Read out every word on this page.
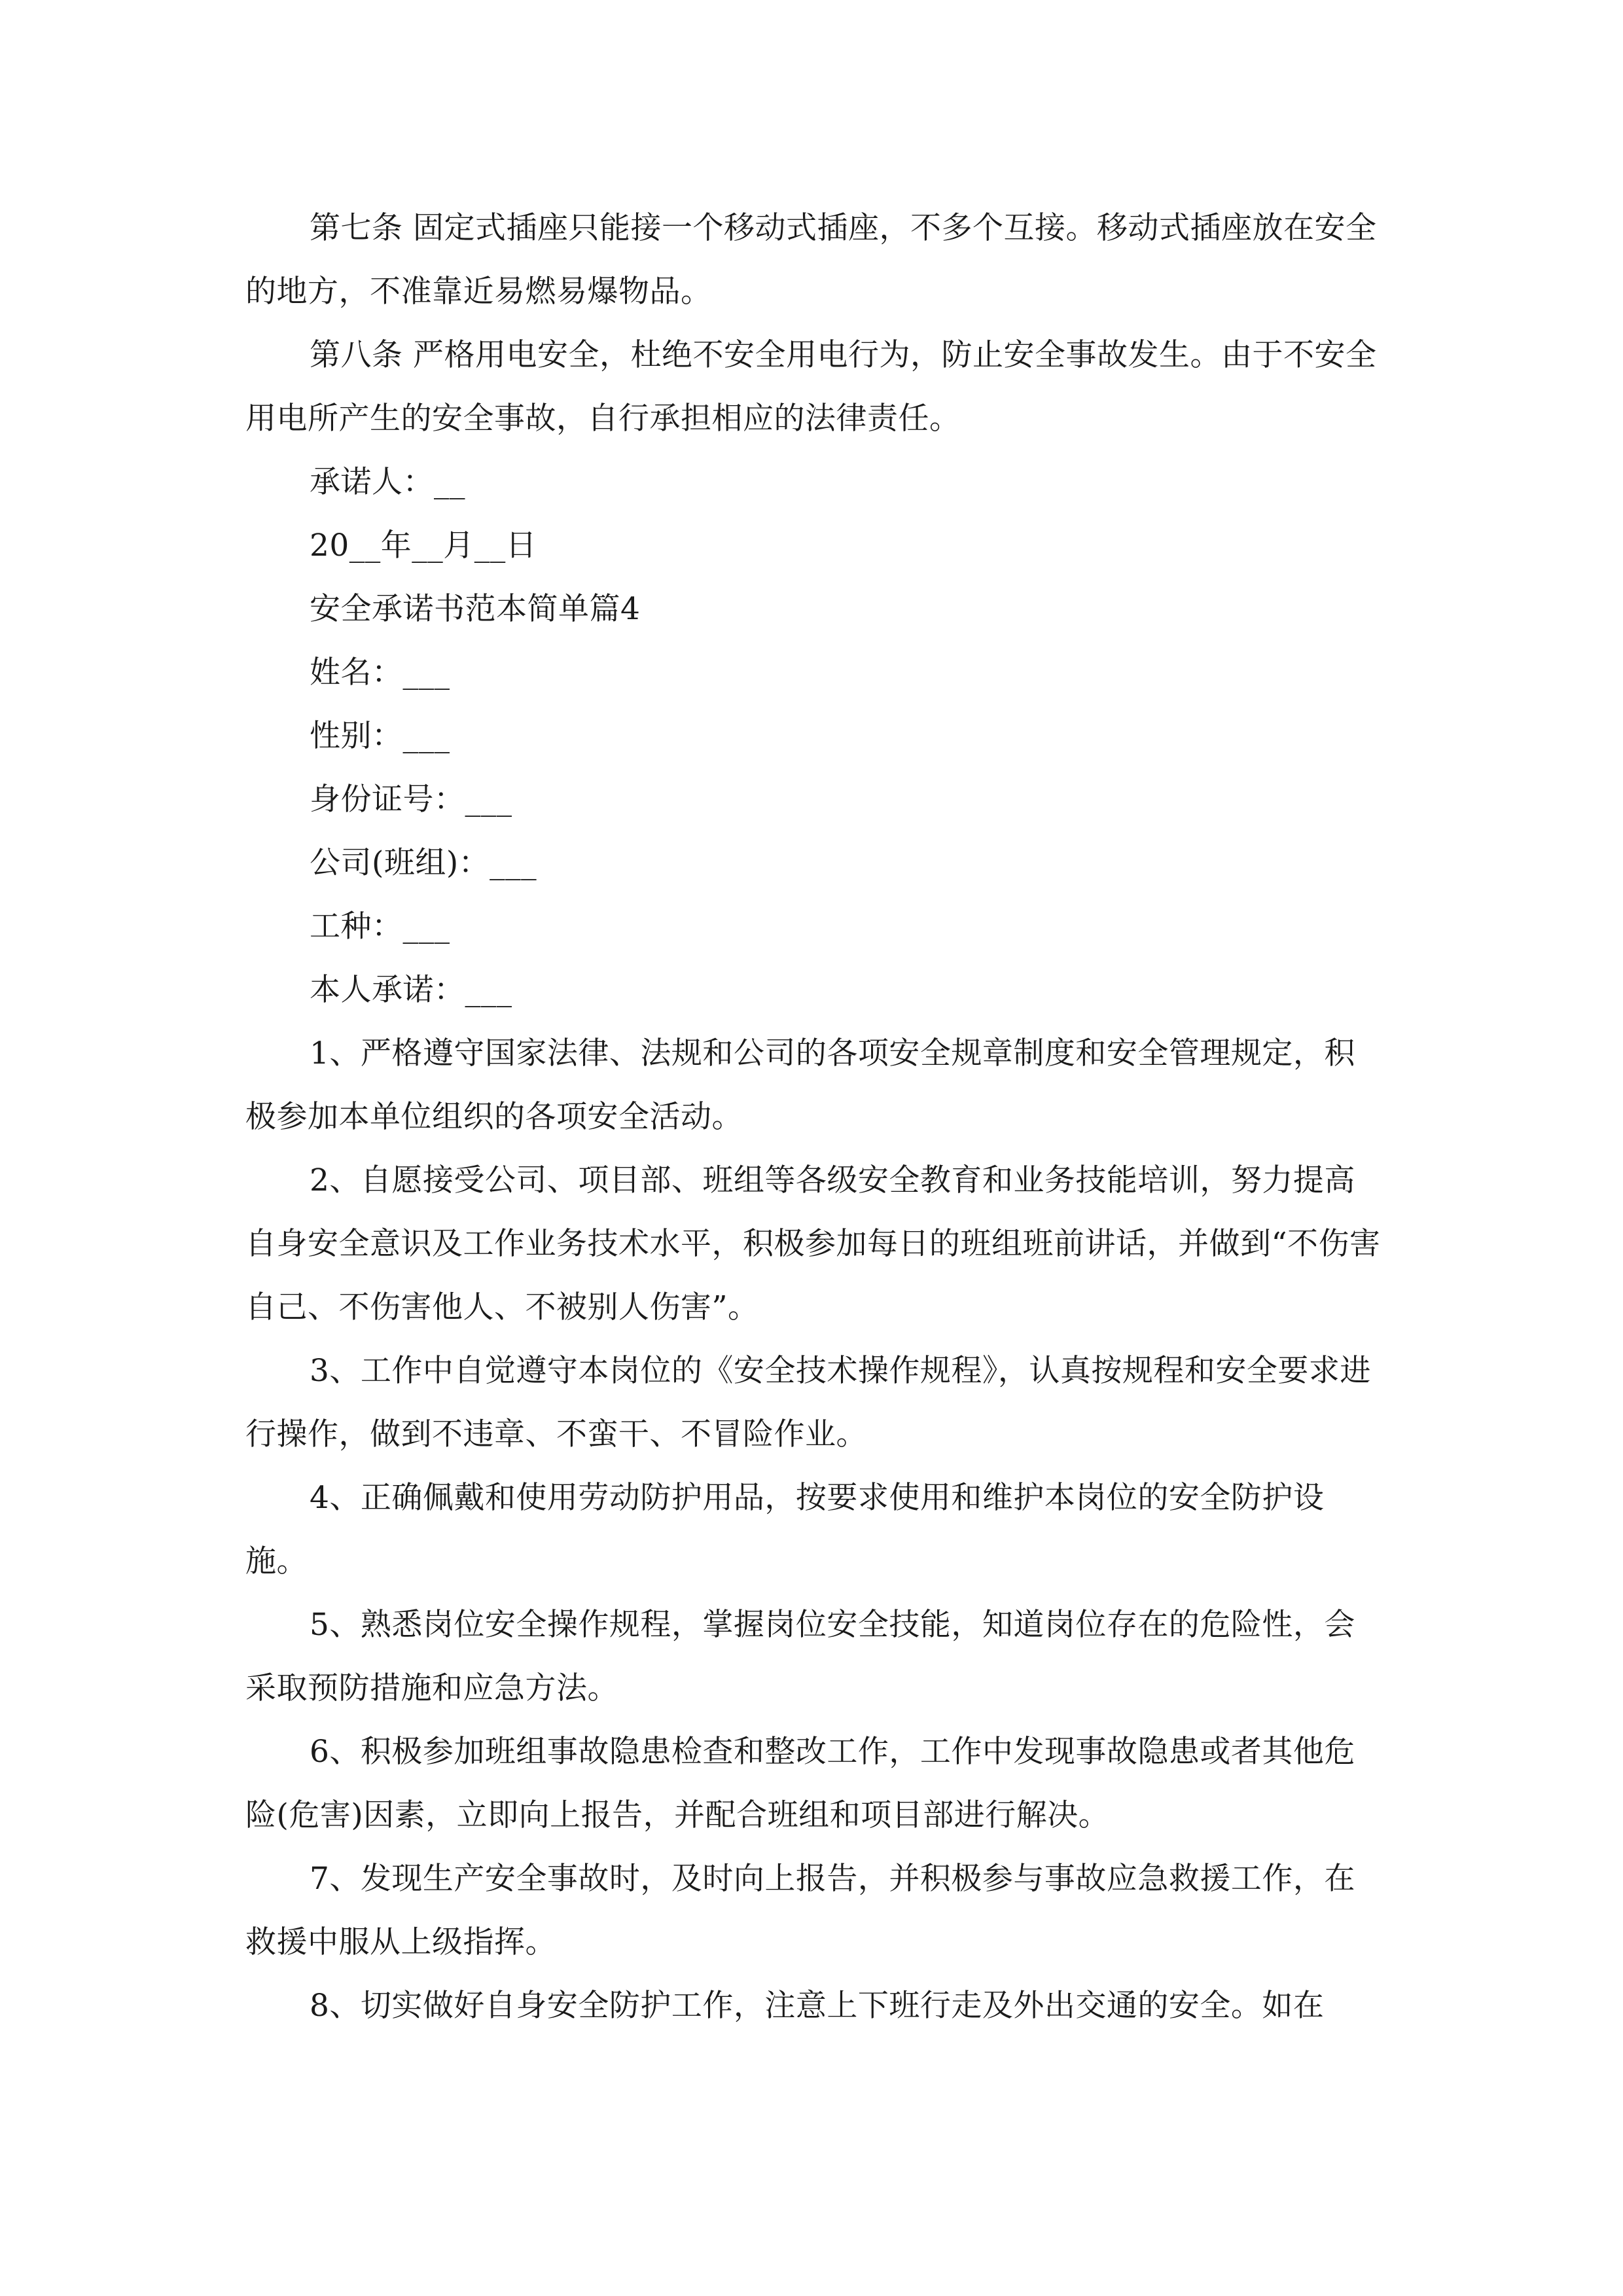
第七条 固定式插座只能接一个移动式插座，不多个互接。移动式插座放在安全的地方，不准靠近易燃易爆物品。

第八条 严格用电安全，杜绝不安全用电行为，防止安全事故发生。由于不安全用电所产生的安全事故，自行承担相应的法律责任。

承诺人：__

20__年__月__日

安全承诺书范本简单篇4

姓名：___

性别：___

身份证号：___

公司(班组)：___

工种：___

本人承诺：___

1、严格遵守国家法律、法规和公司的各项安全规章制度和安全管理规定，积极参加本单位组织的各项安全活动。

2、自愿接受公司、项目部、班组等各级安全教育和业务技能培训，努力提高自身安全意识及工作业务技术水平，积极参加每日的班组班前讲话，并做到“不伤害自己、不伤害他人、不被别人伤害”。

3、工作中自觉遵守本岗位的《安全技术操作规程》，认真按规程和安全要求进行操作，做到不违章、不蛮干、不冒险作业。

4、正确佩戴和使用劳动防护用品，按要求使用和维护本岗位的安全防护设施。

5、熟悉岗位安全操作规程，掌握岗位安全技能，知道岗位存在的危险性，会采取预防措施和应急方法。

6、积极参加班组事故隐患检查和整改工作，工作中发现事故隐患或者其他危险(危害)因素，立即向上报告，并配合班组和项目部进行解决。

7、发现生产安全事故时，及时向上报告，并积极参与事故应急救援工作，在救援中服从上级指挥。

8、切实做好自身安全防护工作，注意上下班行走及外出交通的安全。如在
